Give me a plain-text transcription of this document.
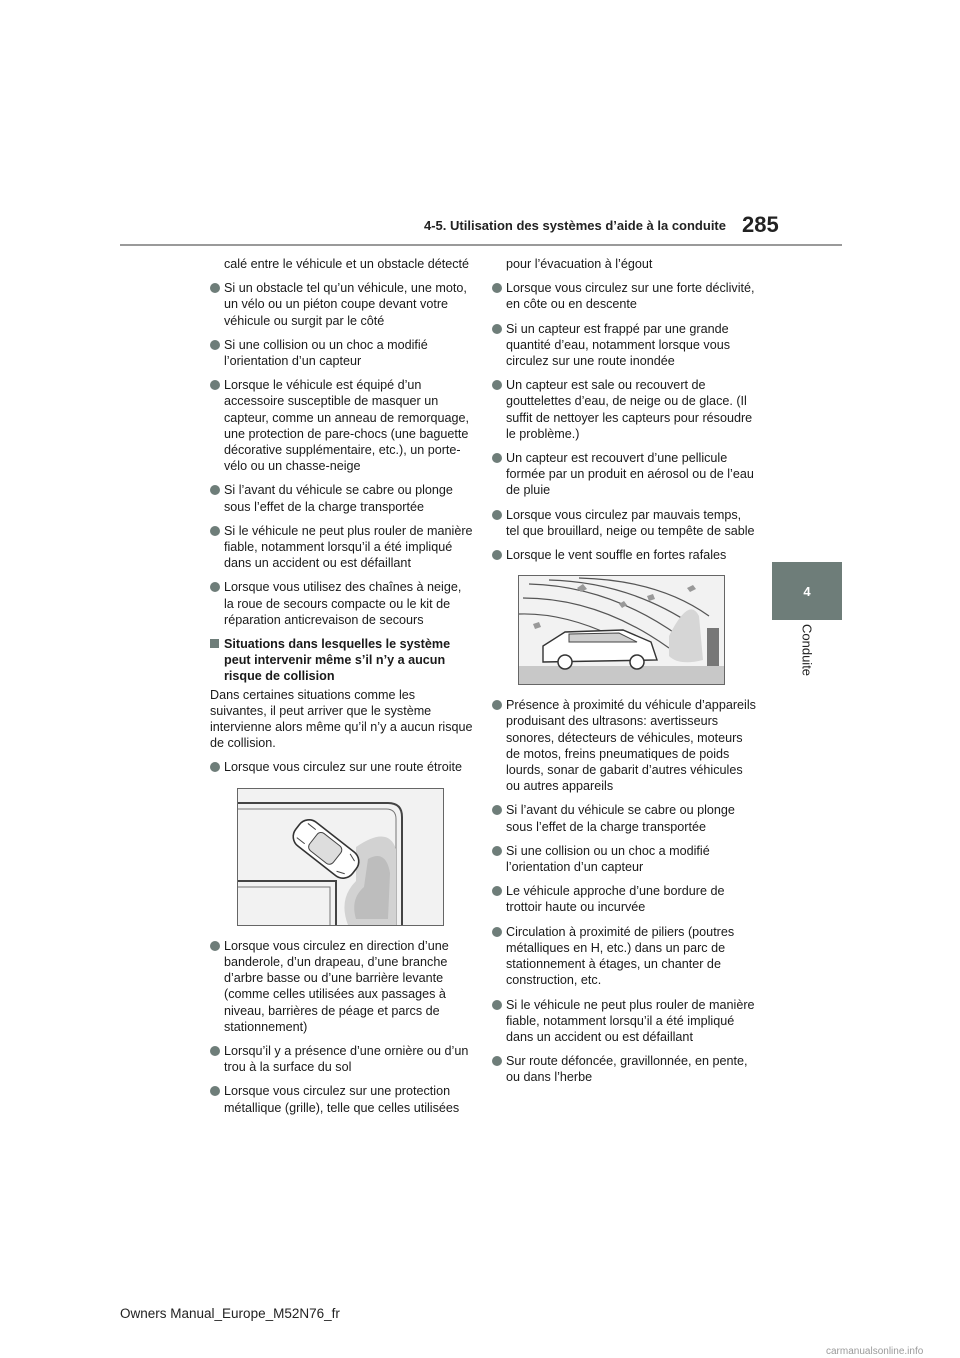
4-5. Utilisation des systèmes d’aide à la conduite 285
4
Conduite
calé entre le véhicule et un obstacle détecté
Si un obstacle tel qu’un véhicule, une moto, un vélo ou un piéton coupe devant votre véhicule ou surgit par le côté
Si une collision ou un choc a modifié l’orientation d’un capteur
Lorsque le véhicule est équipé d’un accessoire susceptible de masquer un capteur, comme un anneau de remorquage, une protection de pare-chocs (une baguette décorative supplémentaire, etc.), un porte-vélo ou un chasse-neige
Si l’avant du véhicule se cabre ou plonge sous l’effet de la charge transportée
Si le véhicule ne peut plus rouler de manière fiable, notamment lorsqu’il a été impliqué dans un accident ou est défaillant
Lorsque vous utilisez des chaînes à neige, la roue de secours compacte ou le kit de réparation anticrevaison de secours
Situations dans lesquelles le système peut intervenir même s’il n’y a aucun risque de collision
Dans certaines situations comme les suivantes, il peut arriver que le système intervienne alors même qu’il n’y a aucun risque de collision.
Lorsque vous circulez sur une route étroite
Lorsque vous circulez en direction d’une banderole, d’un drapeau, d’une branche d’arbre basse ou d’une barrière levante (comme celles utilisées aux passages à niveau, barrières de péage et parcs de stationnement)
Lorsqu’il y a présence d’une ornière ou d’un trou à la surface du sol
Lorsque vous circulez sur une protection métallique (grille), telle que celles utilisées
pour l’évacuation à l’égout
Lorsque vous circulez sur une forte déclivité, en côte ou en descente
Si un capteur est frappé par une grande quantité d’eau, notamment lorsque vous circulez sur une route inondée
Un capteur est sale ou recouvert de gouttelettes d’eau, de neige ou de glace. (Il suffit de nettoyer les capteurs pour résoudre le problème.)
Un capteur est recouvert d’une pellicule formée par un produit en aérosol ou de l’eau de pluie
Lorsque vous circulez par mauvais temps, tel que brouillard, neige ou tempête de sable
Lorsque le vent souffle en fortes rafales
Présence à proximité du véhicule d’appareils produisant des ultrasons: avertisseurs sonores, détecteurs de véhicules, moteurs de motos, freins pneumatiques de poids lourds, sonar de gabarit d’autres véhicules ou autres appareils
Si l’avant du véhicule se cabre ou plonge sous l’effet de la charge transportée
Si une collision ou un choc a modifié l’orientation d’un capteur
Le véhicule approche d’une bordure de trottoir haute ou incurvée
Circulation à proximité de piliers (poutres métalliques en H, etc.) dans un parc de stationnement à étages, un chanter de construction, etc.
Si le véhicule ne peut plus rouler de manière fiable, notamment lorsqu’il a été impliqué dans un accident ou est défaillant
Sur route défoncée, gravillonnée, en pente, ou dans l’herbe
Owners Manual_Europe_M52N76_fr
carmanualsonline.info
